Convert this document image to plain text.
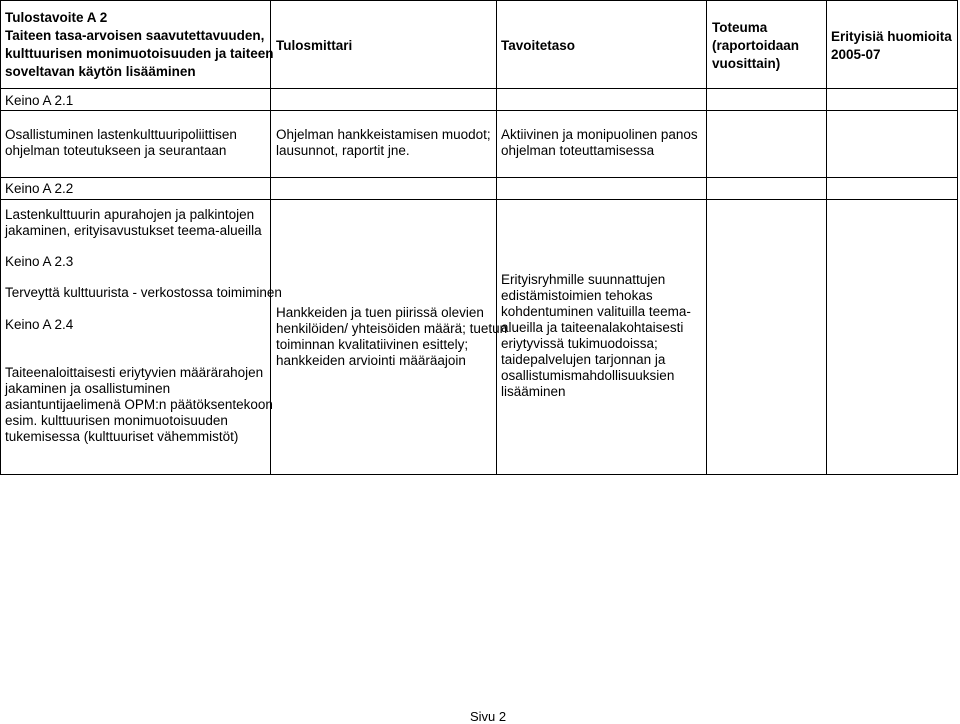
Tulostavoite A 2
Taiteen tasa-arvoisen saavutettavuuden,
kulttuurisen monimuotoisuuden ja taiteen
soveltavan käytön lisääminen
Tulosmittari	Tavoitetaso
Toteuma
(raportoidaan
vuosittain)
Erityisiä huomioita
2005-07
Keino A 2.1
Osallistuminen lastenkulttuuripoliittisen
ohjelman toteutukseen ja seurantaan
Ohjelman hankkeistamisen muodot;
lausunnot, raportit jne.
Aktiivinen ja monipuolinen panos
ohjelman toteuttamisessa
Keino A 2.2
Lastenkulttuurin apurahojen ja palkintojen
jakaminen, erityisavustukset teema-alueilla
Keino A 2.3
Terveyttä kulttuurista - verkostossa toimiminen
Keino A 2.4
Taiteenaloittaisesti eriytyvien määrärahojen
jakaminen ja osallistuminen
asiantuntijaelimenä OPM:n päätöksentekoon
esim. kulttuurisen monimuotoisuuden
tukemisessa (kulttuuriset vähemmistöt)
Hankkeiden ja tuen piirissä olevien
henkilöiden/ yhteisöiden määrä; tuetun
toiminnan kvalitatiivinen esittely;
hankkeiden arviointi määräajoin
Erityisryhmille suunnattujen
edistämistoimien tehokas
kohdentuminen valituilla teema-
alueilla ja taiteenalakohtaisesti
eriytyvissä tukimuodoissa;
taidepalvelujen tarjonnan ja
osallistumismahdollisuuksien
lisääminen
Sivu 2
